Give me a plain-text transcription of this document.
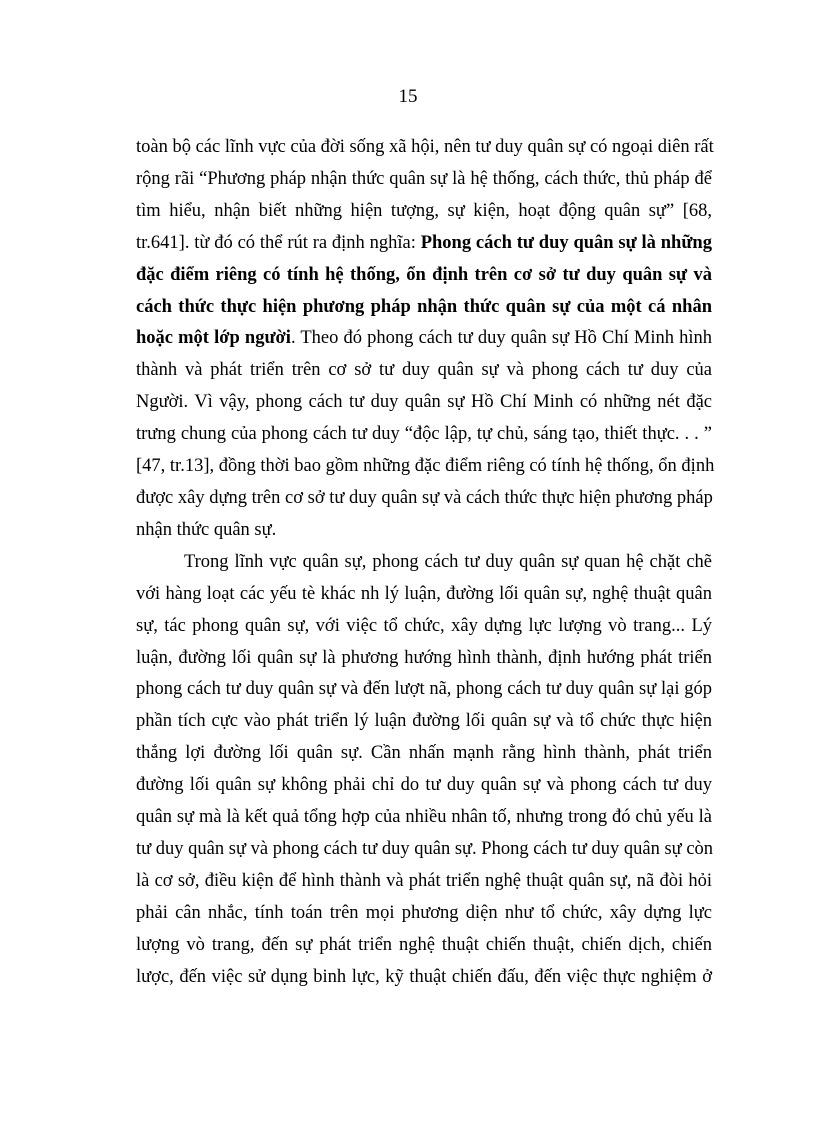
15
toàn bộ các lĩnh vực của đời sống xã hội, nên tư duy quân sự có ngoại diên rất
rộng rãi “Phương pháp nhận thức quân sự là hệ thống, cách thức, thủ pháp để
tìm hiểu, nhận biết những hiện tượng, sự kiện, hoạt động quân sự” [68,
tr.641]. từ đó có thể rút ra định nghĩa: Phong cách tư duy quân sự là những
đặc điểm riêng có tính hệ thống, ổn định trên cơ sở tư duy quân sự và
cách thức thực hiện phương pháp nhận thức quân sự của một cá nhân
hoặc một lớp người. Theo đó phong cách tư duy quân sự Hồ Chí Minh hình
thành và phát triển trên cơ sở tư duy quân sự và phong cách tư duy của
Người. Vì vậy, phong cách tư duy quân sự Hồ Chí Minh có những nét đặc
trưng chung của phong cách tư duy “độc lập, tự chủ, sáng tạo, thiết thực. . . ”
[47, tr.13], đồng thời bao gồm những đặc điểm riêng có tính hệ thống, ổn định
được xây dựng trên cơ sở tư duy quân sự và cách thức thực hiện phương pháp
nhận thức quân sự.
Trong lĩnh vực quân sự, phong cách tư duy quân sự quan hệ chặt chẽ
với hàng loạt các yếu tè khác nh lý luận, đường lối quân sự, nghệ thuật quân
sự, tác phong quân sự, với việc tổ chức, xây dựng lực lượng vò trang... Lý
luận, đường lối quân sự là phương hướng hình thành, định hướng phát triển
phong cách tư duy quân sự và đến lượt nã, phong cách tư duy quân sự lại góp
phần tích cực vào phát triển lý luận đường lối quân sự và tổ chức thực hiện
thắng lợi đường lối quân sự. Cần nhấn mạnh rằng hình thành, phát triển
đường lối quân sự không phải chỉ do tư duy quân sự và phong cách tư duy
quân sự mà là kết quả tổng hợp của nhiều nhân tố, nhưng trong đó chủ yếu là
tư duy quân sự và phong cách tư duy quân sự. Phong cách tư duy quân sự còn
là cơ sở, điều kiện để hình thành và phát triển nghệ thuật quân sự, nã đòi hỏi
phải cân nhắc, tính toán trên mọi phương diện như tổ chức, xây dựng lực
lượng vò trang, đến sự phát triển nghệ thuật chiến thuật, chiến dịch, chiến
lược, đến việc sử dụng binh lực, kỹ thuật chiến đấu, đến việc thực nghiệm ở
